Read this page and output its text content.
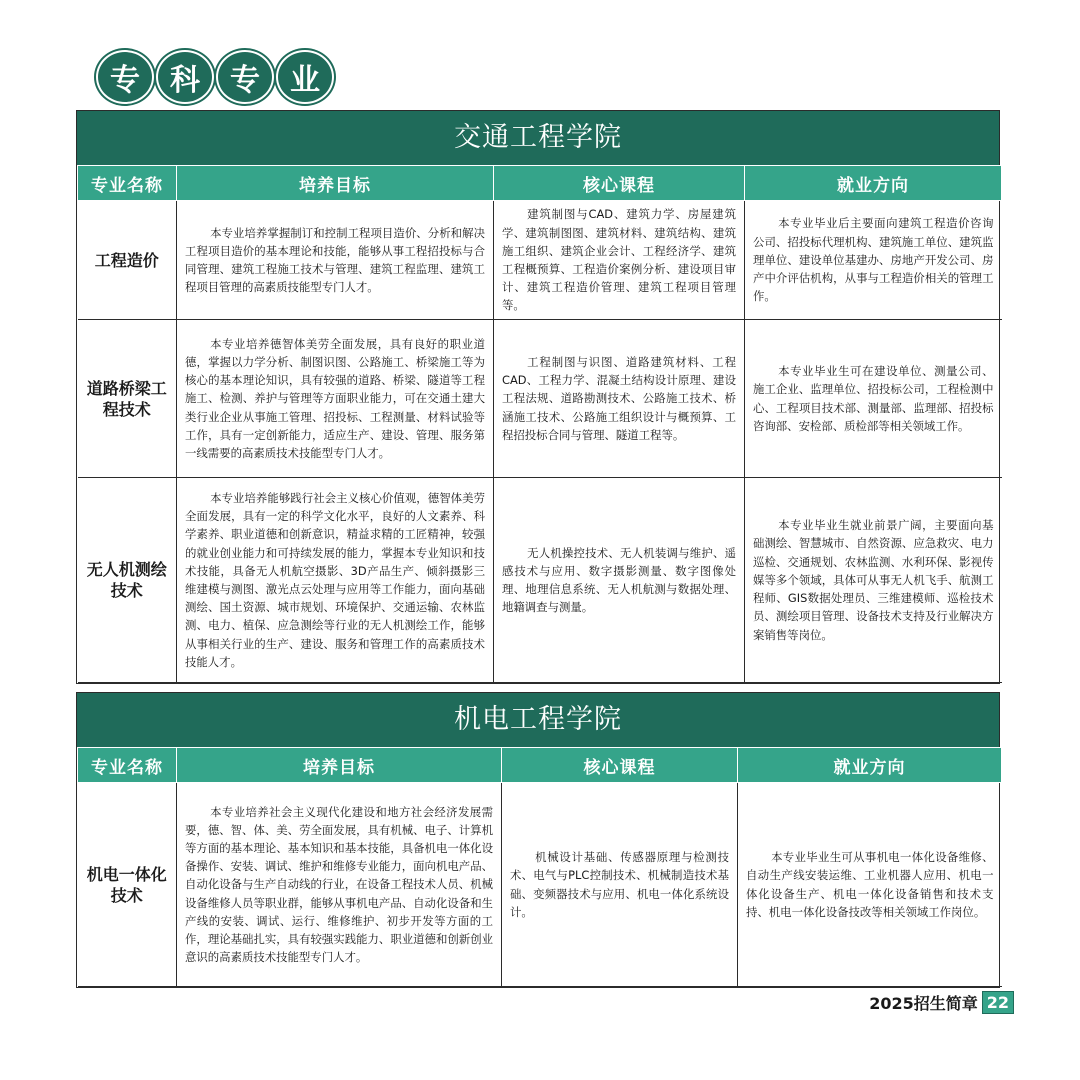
专	科	专	业
交通工程学院
专业名称	培养目标	核心课程	就业方向
工程造价	本专业培养掌握制订和控制工程项目造价、分析和解决工程项目造价的基本理论和技能，能够从事工程招投标与合同管理、建筑工程施工技术与管理、建筑工程监理、建筑工程项目管理的高素质技能型专门人才。	建筑制图与CAD、建筑力学、房屋建筑学、建筑制图图、建筑材料、建筑结构、建筑施工组织、建筑企业会计、工程经济学、建筑工程概预算、工程造价案例分析、建设项目审计、建筑工程造价管理、建筑工程项目管理等。	本专业毕业后主要面向建筑工程造价咨询公司、招投标代理机构、建筑施工单位、建筑监理单位、建设单位基建办、房地产开发公司、房产中介评估机构，从事与工程造价相关的管理工作。
道路桥梁工程技术	本专业培养德智体美劳全面发展，具有良好的职业道德，掌握以力学分析、制图识图、公路施工、桥梁施工等为核心的基本理论知识，具有较强的道路、桥梁、隧道等工程施工、检测、养护与管理等方面职业能力，可在交通土建大类行业企业从事施工管理、招投标、工程测量、材料试验等工作，具有一定创新能力，适应生产、建设、管理、服务第一线需要的高素质技术技能型专门人才。	工程制图与识图、道路建筑材料、工程CAD、工程力学、混凝土结构设计原理、建设工程法规、道路勘测技术、公路施工技术、桥涵施工技术、公路施工组织设计与概预算、工程招投标合同与管理、隧道工程等。	本专业毕业生可在建设单位、测量公司、施工企业、监理单位、招投标公司，工程检测中心、工程项目技术部、测量部、监理部、招投标咨询部、安检部、质检部等相关领域工作。
无人机测绘技术	本专业培养能够践行社会主义核心价值观，德智体美劳全面发展，具有一定的科学文化水平，良好的人文素养、科学素养、职业道德和创新意识，精益求精的工匠精神，较强的就业创业能力和可持续发展的能力，掌握本专业知识和技术技能，具备无人机航空摄影、3D产品生产、倾斜摄影三维建模与测图、激光点云处理与应用等工作能力，面向基础测绘、国土资源、城市规划、环境保护、交通运输、农林监测、电力、植保、应急测绘等行业的无人机测绘工作，能够从事相关行业的生产、建设、服务和管理工作的高素质技术技能人才。	无人机操控技术、无人机装调与维护、遥感技术与应用、数字摄影测量、数字图像处理、地理信息系统、无人机航测与数据处理、地籍调查与测量。	本专业毕业生就业前景广阔，主要面向基础测绘、智慧城市、自然资源、应急救灾、电力巡检、交通规划、农林监测、水利环保、影视传媒等多个领域，具体可从事无人机飞手、航测工程师、GIS数据处理员、三维建模师、巡检技术员、测绘项目管理、设备技术支持及行业解决方案销售等岗位。
机电工程学院
专业名称	培养目标	核心课程	就业方向
机电一体化技术	本专业培养社会主义现代化建设和地方社会经济发展需要，德、智、体、美、劳全面发展，具有机械、电子、计算机等方面的基本理论、基本知识和基本技能，具备机电一体化设备操作、安装、调试、维护和维修专业能力，面向机电产品、自动化设备与生产自动线的行业，在设备工程技术人员、机械设备维修人员等职业群，能够从事机电产品、自动化设备和生产线的安装、调试、运行、维修维护、初步开发等方面的工作，理论基础扎实，具有较强实践能力、职业道德和创新创业意识的高素质技术技能型专门人才。	机械设计基础、传感器原理与检测技术、电气与PLC控制技术、机械制造技术基础、变频器技术与应用、机电一体化系统设计。	本专业毕业生可从事机电一体化设备维修、自动生产线安装运维、工业机器人应用、机电一体化设备生产、机电一体化设备销售和技术支持、机电一体化设备技改等相关领域工作岗位。
2025招生简章 22
